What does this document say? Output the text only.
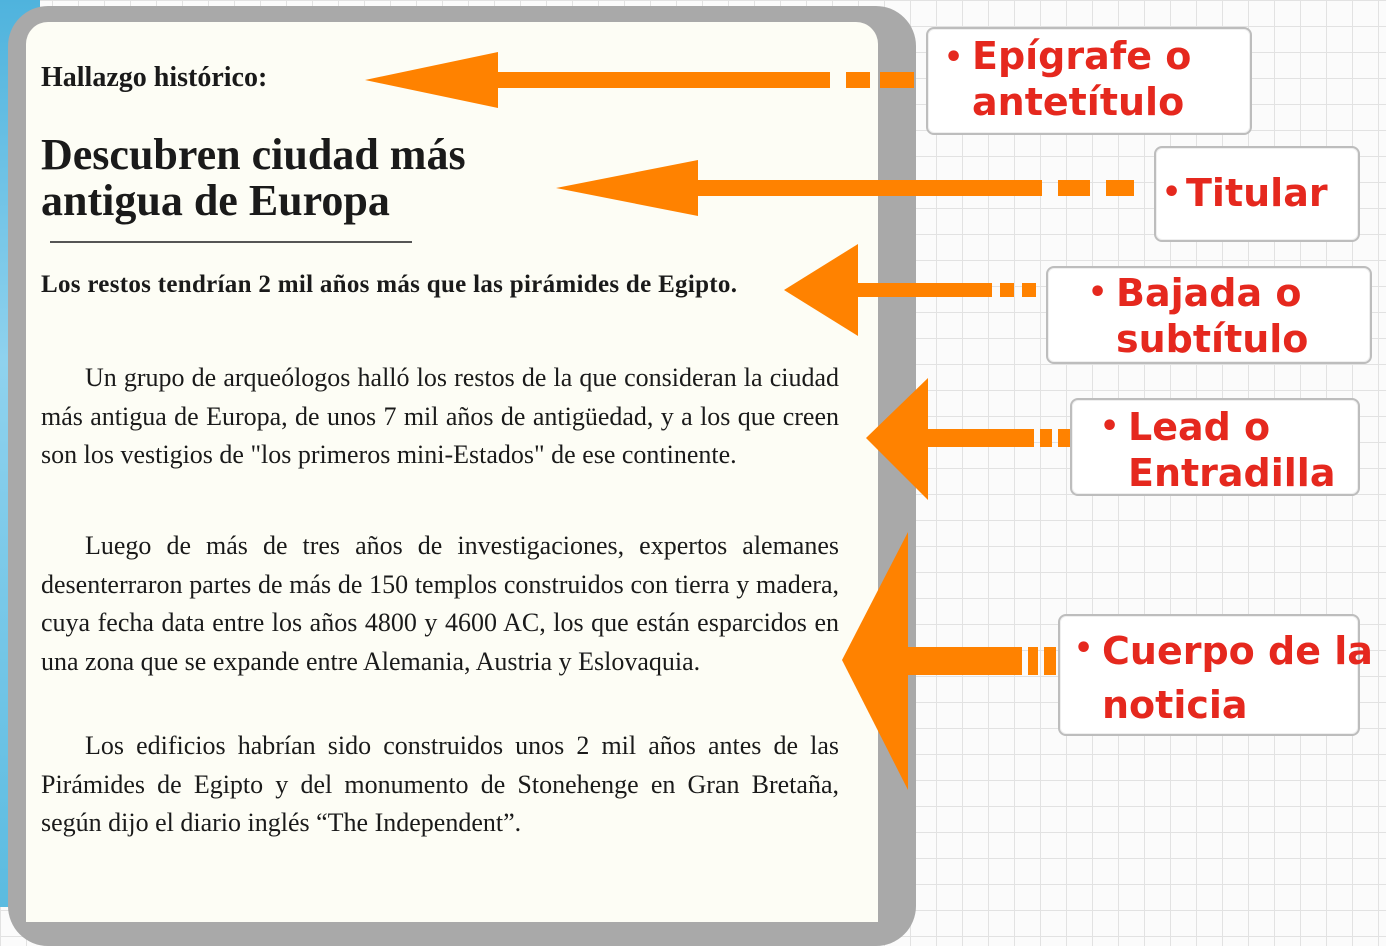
Hallazgo histórico:
Descubren ciudad más antigua de Europa
Los restos tendrían 2 mil años más que las pirámides de Egipto.
Un grupo de arqueólogos halló los restos de la que consideran la ciudad más antigua de Europa, de unos 7 mil años de antigüedad, y a los que creen son los vestigios de "los primeros mini-Estados" de ese continente.
Luego de más de tres años de investigaciones, expertos alemanes desenterraron partes de más de 150 templos construidos con tierra y madera, cuya fecha data entre los años 4800 y 4600 AC, los que están esparcidos en una zona que se expande entre Alemania, Austria y Eslovaquia.
Los edificios habrían sido construidos unos 2 mil años antes de las Pirámides de Egipto y del monumento de Stonehenge en Gran Bretaña, según dijo el diario inglés “The Independent”.
• Epígrafe o
antetítulo
• Titular
• Bajada o
subtítulo
• Lead o
Entradilla
• Cuerpo de la
noticia
